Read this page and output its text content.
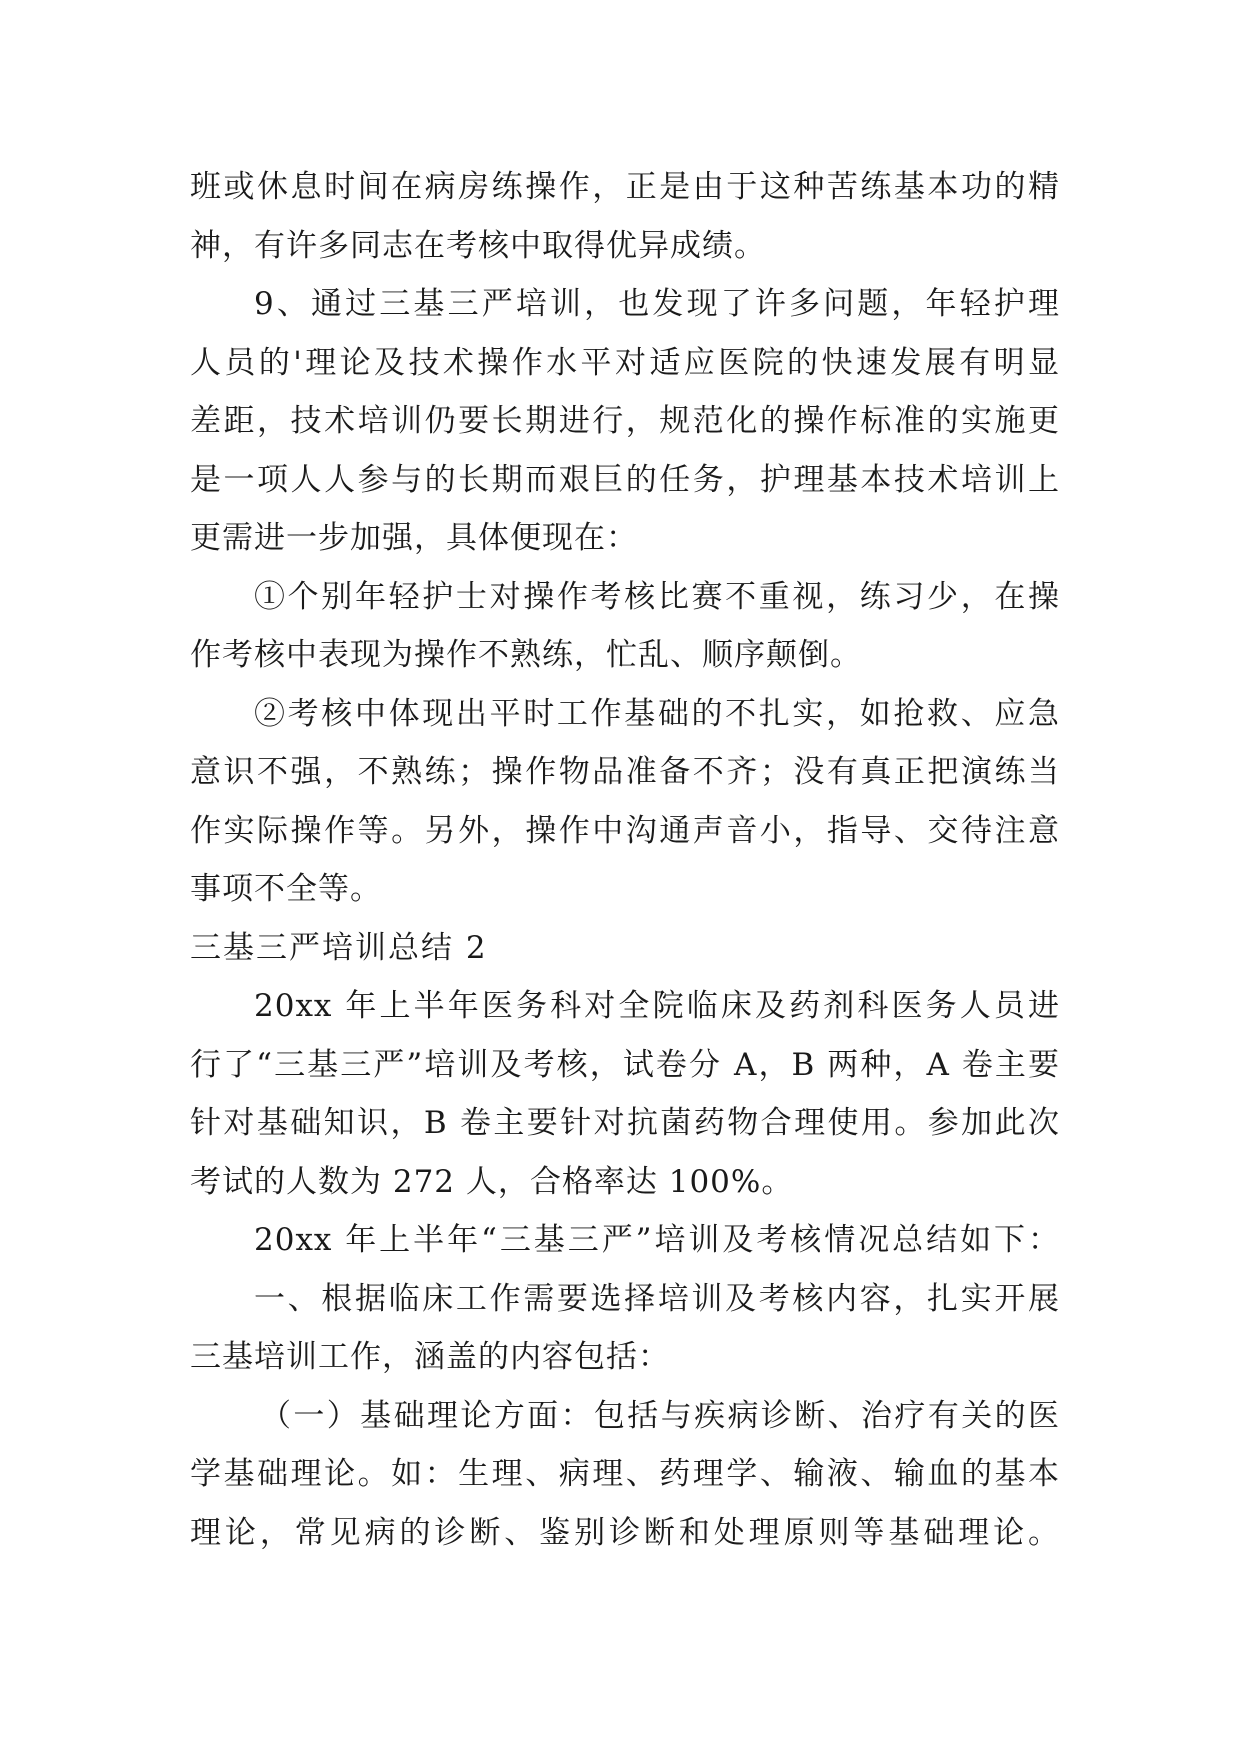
班或休息时间在病房练操作，正是由于这种苦练基本功的精
神，有许多同志在考核中取得优异成绩。
9、通过三基三严培训，也发现了许多问题，年轻护理
人员的'理论及技术操作水平对适应医院的快速发展有明显
差距，技术培训仍要长期进行，规范化的操作标准的实施更
是一项人人参与的长期而艰巨的任务，护理基本技术培训上
更需进一步加强，具体便现在：
①个别年轻护士对操作考核比赛不重视，练习少，在操
作考核中表现为操作不熟练，忙乱、顺序颠倒。
②考核中体现出平时工作基础的不扎实，如抢救、应急
意识不强，不熟练；操作物品准备不齐；没有真正把演练当
作实际操作等。另外，操作中沟通声音小，指导、交待注意
事项不全等。
三基三严培训总结 2
20xx 年上半年医务科对全院临床及药剂科医务人员进
行了“三基三严”培训及考核，试卷分 A，B 两种，A 卷主要
针对基础知识，B 卷主要针对抗菌药物合理使用。参加此次
考试的人数为 272 人，合格率达 100%。
20xx 年上半年“三基三严”培训及考核情况总结如下：
一、根据临床工作需要选择培训及考核内容，扎实开展
三基培训工作，涵盖的内容包括：
（一）基础理论方面：包括与疾病诊断、治疗有关的医
学基础理论。如：生理、病理、药理学、输液、输血的基本
理论，常见病的诊断、鉴别诊断和处理原则等基础理论。
